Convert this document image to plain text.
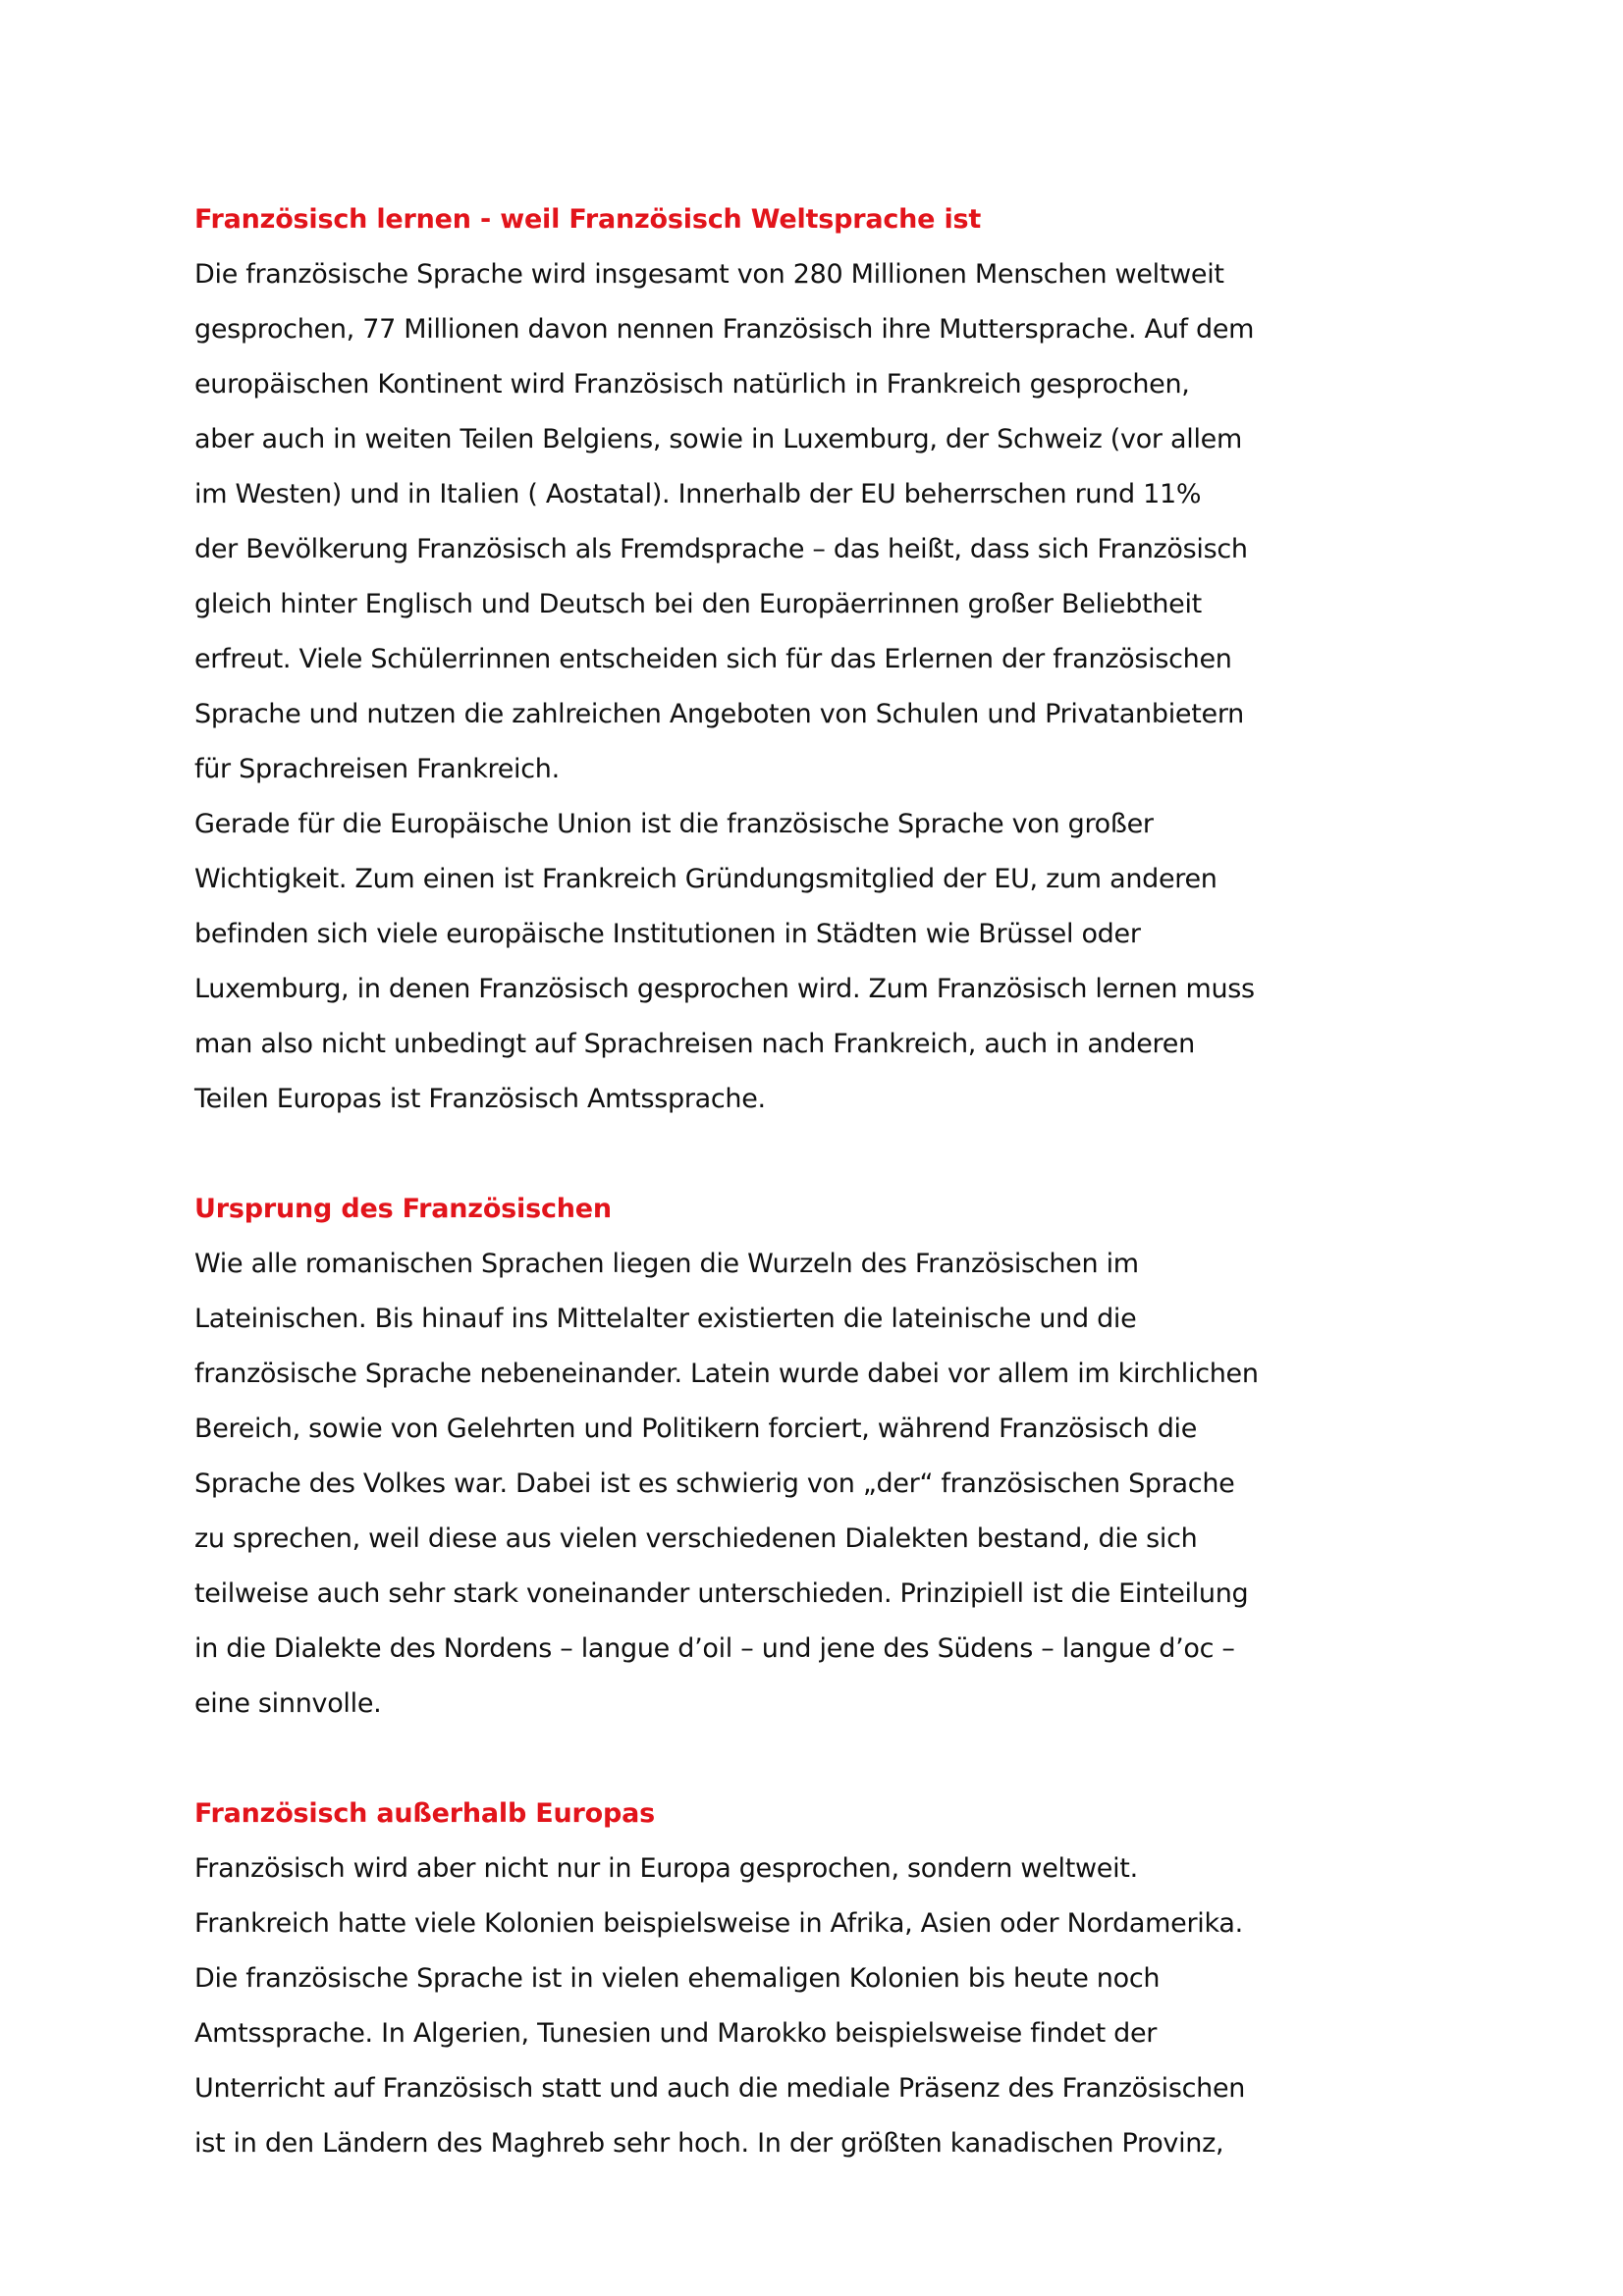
Französisch lernen - weil Französisch Weltsprache ist
Die französische Sprache wird insgesamt von 280 Millionen Menschen weltweit
gesprochen, 77 Millionen davon nennen Französisch ihre Muttersprache. Auf dem
europäischen Kontinent wird Französisch natürlich in Frankreich gesprochen,
aber auch in weiten Teilen Belgiens, sowie in Luxemburg, der Schweiz (vor allem
im Westen) und in Italien ( Aostatal). Innerhalb der EU beherrschen rund 11%
der Bevölkerung Französisch als Fremdsprache – das heißt, dass sich Französisch
gleich hinter Englisch und Deutsch bei den Europäerrinnen großer Beliebtheit
erfreut. Viele Schülerrinnen entscheiden sich für das Erlernen der französischen
Sprache und nutzen die zahlreichen Angeboten von Schulen und Privatanbietern
für Sprachreisen Frankreich.
Gerade für die Europäische Union ist die französische Sprache von großer
Wichtigkeit. Zum einen ist Frankreich Gründungsmitglied der EU, zum anderen
befinden sich viele europäische Institutionen in Städten wie Brüssel oder
Luxemburg, in denen Französisch gesprochen wird. Zum Französisch lernen muss
man also nicht unbedingt auf Sprachreisen nach Frankreich, auch in anderen
Teilen Europas ist Französisch Amtssprache.
Ursprung des Französischen
Wie alle romanischen Sprachen liegen die Wurzeln des Französischen im
Lateinischen. Bis hinauf ins Mittelalter existierten die lateinische und die
französische Sprache nebeneinander. Latein wurde dabei vor allem im kirchlichen
Bereich, sowie von Gelehrten und Politikern forciert, während Französisch die
Sprache des Volkes war. Dabei ist es schwierig von „der“ französischen Sprache
zu sprechen, weil diese aus vielen verschiedenen Dialekten bestand, die sich
teilweise auch sehr stark voneinander unterschieden. Prinzipiell ist die Einteilung
in die Dialekte des Nordens – langue d’oil – und jene des Südens – langue d’oc –
eine sinnvolle.
Französisch außerhalb Europas
Französisch wird aber nicht nur in Europa gesprochen, sondern weltweit.
Frankreich hatte viele Kolonien beispielsweise in Afrika, Asien oder Nordamerika.
Die französische Sprache ist in vielen ehemaligen Kolonien bis heute noch
Amtssprache. In Algerien, Tunesien und Marokko beispielsweise findet der
Unterricht auf Französisch statt und auch die mediale Präsenz des Französischen
ist in den Ländern des Maghreb sehr hoch. In der größten kanadischen Provinz,
